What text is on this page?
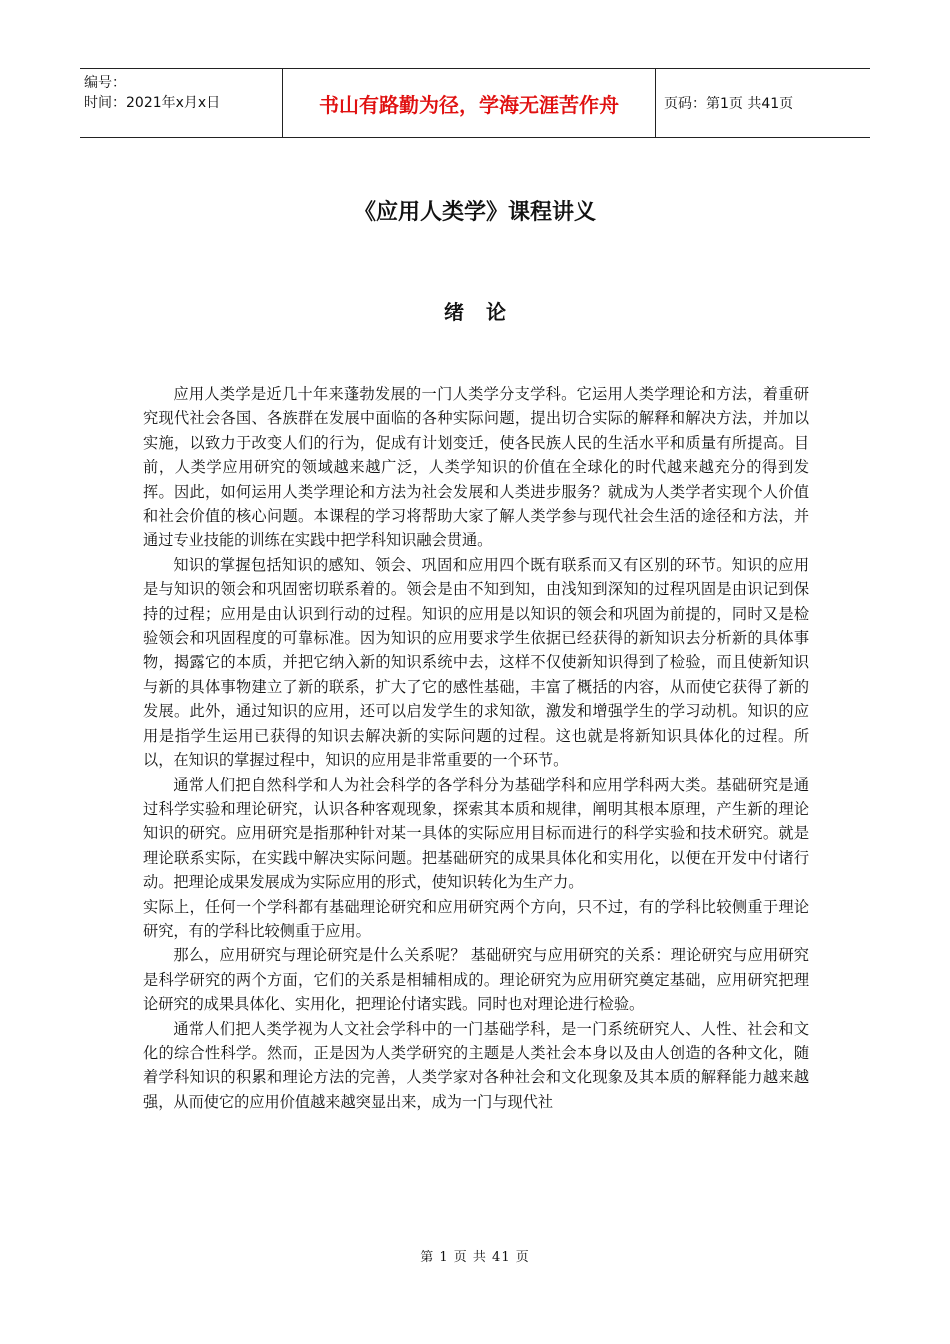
编号：
时间：2021年x月x日	书山有路勤为径，学海无涯苦作舟	页码：第1页 共41页
《应用人类学》课程讲义
绪论

应用人类学是近几十年来蓬勃发展的一门人类学分支学科。它运用人类学理论和方法，着重研究现代社会各国、各族群在发展中面临的各种实际问题，提出切合实际的解释和解决方法，并加以实施，以致力于改变人们的行为，促成有计划变迁，使各民族人民的生活水平和质量有所提高。目前，人类学应用研究的领域越来越广泛，人类学知识的价值在全球化的时代越来越充分的得到发挥。因此，如何运用人类学理论和方法为社会发展和人类进步服务？就成为人类学者实现个人价值和社会价值的核心问题。本课程的学习将帮助大家了解人类学参与现代社会生活的途径和方法，并通过专业技能的训练在实践中把学科知识融会贯通。

知识的掌握包括知识的感知、领会、巩固和应用四个既有联系而又有区别的环节。知识的应用是与知识的领会和巩固密切联系着的。领会是由不知到知，由浅知到深知的过程巩固是由识记到保持的过程；应用是由认识到行动的过程。知识的应用是以知识的领会和巩固为前提的，同时又是检验领会和巩固程度的可靠标准。因为知识的应用要求学生依据已经获得的新知识去分析新的具体事物，揭露它的本质，并把它纳入新的知识系统中去，这样不仅使新知识得到了检验，而且使新知识与新的具体事物建立了新的联系，扩大了它的感性基础，丰富了概括的内容，从而使它获得了新的发展。此外，通过知识的应用，还可以启发学生的求知欲，激发和增强学生的学习动机。知识的应用是指学生运用已获得的知识去解决新的实际问题的过程。这也就是将新知识具体化的过程。所以，在知识的掌握过程中，知识的应用是非常重要的一个环节。

通常人们把自然科学和人为社会科学的各学科分为基础学科和应用学科两大类。基础研究是通过科学实验和理论研究，认识各种客观现象，探索其本质和规律，阐明其根本原理，产生新的理论知识的研究。应用研究是指那种针对某一具体的实际应用目标而进行的科学实验和技术研究。就是理论联系实际，在实践中解决实际问题。把基础研究的成果具体化和实用化，以便在开发中付诸行动。把理论成果发展成为实际应用的形式，使知识转化为生产力。

实际上，任何一个学科都有基础理论研究和应用研究两个方向，只不过，有的学科比较侧重于理论研究，有的学科比较侧重于应用。

那么，应用研究与理论研究是什么关系呢？ 基础研究与应用研究的关系：理论研究与应用研究是科学研究的两个方面，它们的关系是相辅相成的。理论研究为应用研究奠定基础，应用研究把理论研究的成果具体化、实用化，把理论付诸实践。同时也对理论进行检验。

通常人们把人类学视为人文社会学科中的一门基础学科，是一门系统研究人、人性、社会和文化的综合性科学。然而，正是因为人类学研究的主题是人类社会本身以及由人创造的各种文化，随着学科知识的积累和理论方法的完善，人类学家对各种社会和文化现象及其本质的解释能力越来越强，从而使它的应用价值越来越突显出来，成为一门与现代社

第 1 页 共 41 页
